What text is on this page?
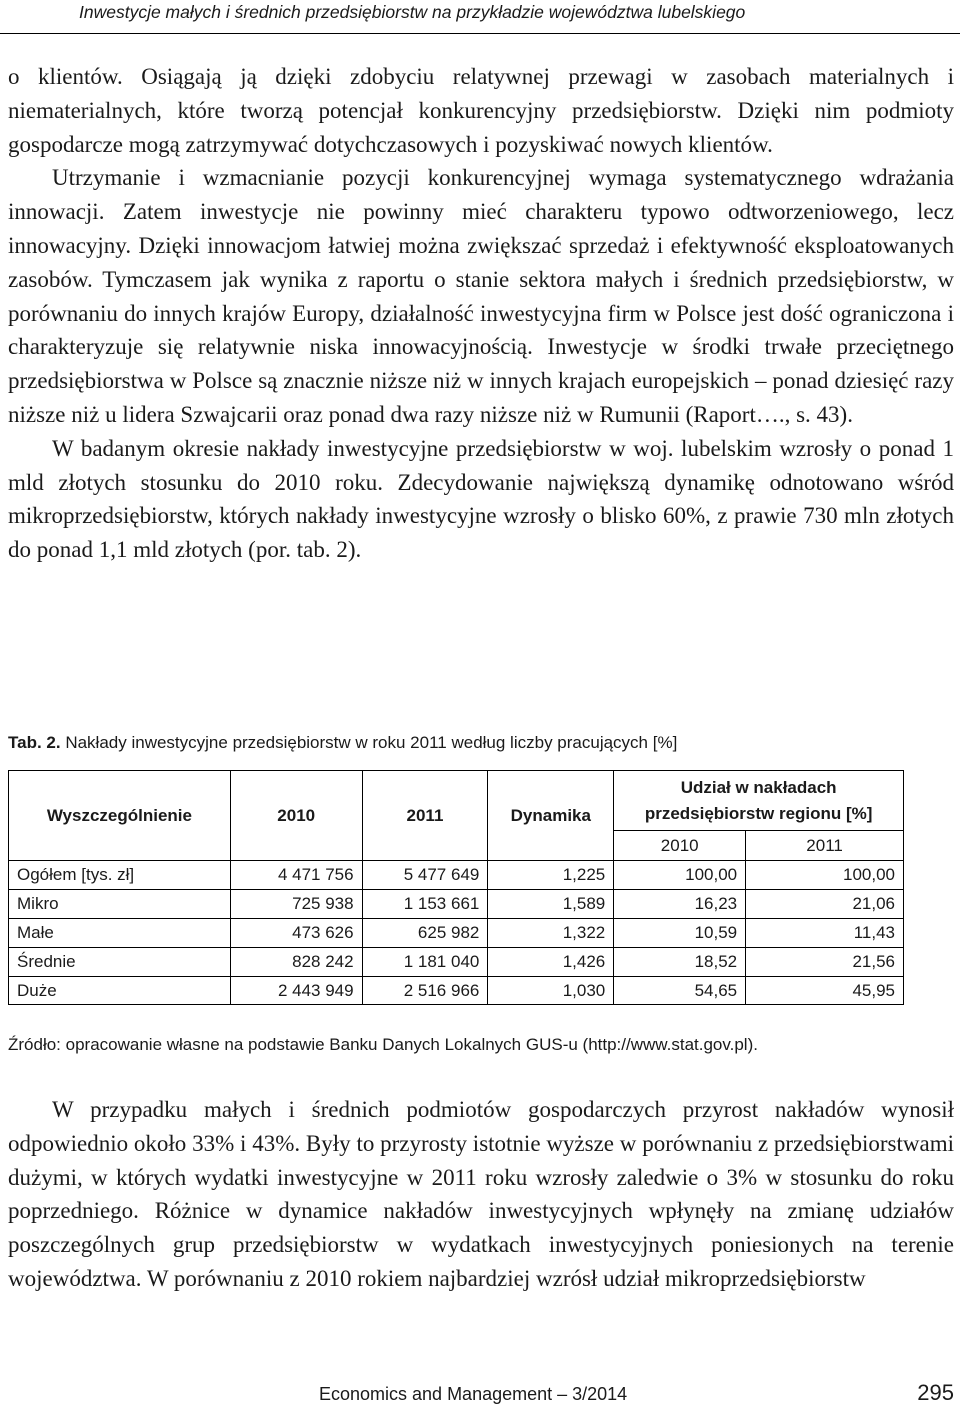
Inwestycje małych i średnich przedsiębiorstw na przykładzie województwa lubelskiego
o klientów. Osiągają ją dzięki zdobyciu relatywnej przewagi w zasobach materialnych i niematerialnych, które tworzą potencjał konkurencyjny przedsiębiorstw. Dzięki nim podmioty gospodarcze mogą zatrzymywać dotychczasowych i pozyskiwać nowych klientów.
Utrzymanie i wzmacnianie pozycji konkurencyjnej wymaga systematycznego wdrażania innowacji. Zatem inwestycje nie powinny mieć charakteru typowo odtworzeniowego, lecz innowacyjny. Dzięki innowacjom łatwiej można zwiększać sprzedaż i efektywność eksploatowanych zasobów. Tymczasem jak wynika z raportu o stanie sektora małych i średnich przedsiębiorstw, w porównaniu do innych krajów Europy, działalność inwestycyjna firm w Polsce jest dość ograniczona i charakteryzuje się relatywnie niska innowacyjnością. Inwestycje w środki trwałe przeciętnego przedsiębiorstwa w Polsce są znacznie niższe niż w innych krajach europejskich – ponad dziesięć razy niższe niż u lidera Szwajcarii oraz ponad dwa razy niższe niż w Rumunii (Raport…., s. 43).
W badanym okresie nakłady inwestycyjne przedsiębiorstw w woj. lubelskim wzrosły o ponad 1 mld złotych stosunku do 2010 roku. Zdecydowanie największą dynamikę odnotowano wśród mikroprzedsiębiorstw, których nakłady inwestycyjne wzrosły o blisko 60%, z prawie 730 mln złotych do ponad 1,1 mld złotych (por. tab. 2).
Tab. 2. Nakłady inwestycyjne przedsiębiorstw w roku 2011 według liczby pracujących [%]
Wyszczególnienie	2010	2011	Dynamika	Udział w nakładach przedsiębiorstw regionu [%]	
				2010	2011
Ogółem [tys. zł]	4 471 756	5 477 649	1,225	100,00	100,00
Mikro	725 938	1 153 661	1,589	16,23	21,06
Małe	473 626	625 982	1,322	10,59	11,43
Średnie	828 242	1 181 040	1,426	18,52	21,56
Duże	2 443 949	2 516 966	1,030	54,65	45,95
Źródło: opracowanie własne na podstawie Banku Danych Lokalnych GUS-u (http://www.stat.gov.pl).
W przypadku małych i średnich podmiotów gospodarczych przyrost nakładów wynosił odpowiednio około 33% i 43%. Były to przyrosty istotnie wyższe w porównaniu z przedsiębiorstwami dużymi, w których wydatki inwestycyjne w 2011 roku wzrosły zaledwie o 3% w stosunku do roku poprzedniego. Różnice w dynamice nakładów inwestycyjnych wpłynęły na zmianę udziałów poszczególnych grup przedsiębiorstw w wydatkach inwestycyjnych poniesionych na terenie województwa. W porównaniu z 2010 rokiem najbardziej wzrósł udział mikroprzedsiębiorstw
Economics and Management – 3/2014	295
